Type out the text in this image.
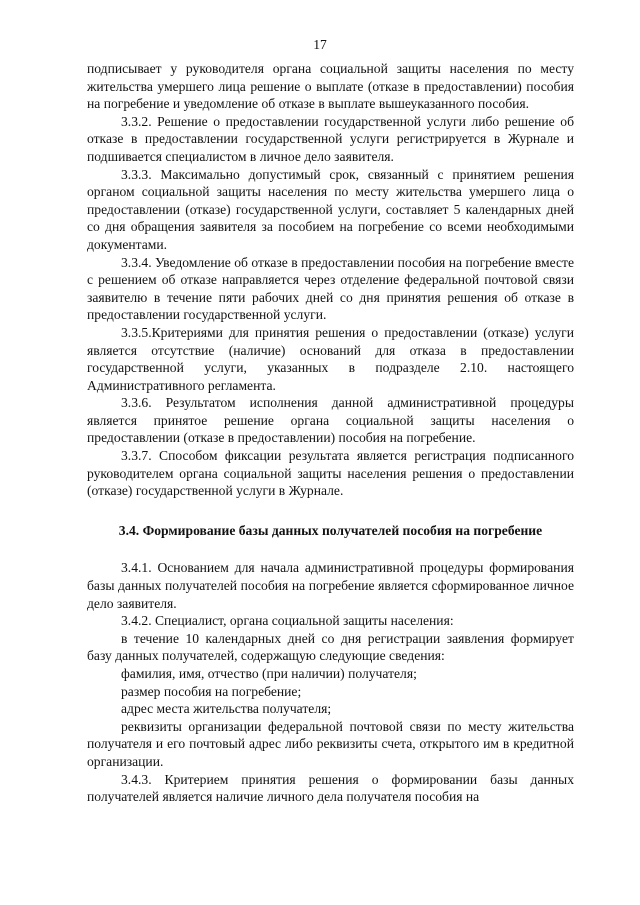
17

подписывает у руководителя органа социальной защиты населения по месту жительства умершего лица решение о выплате (отказе в предоставлении) пособия на погребение и уведомление об отказе в выплате вышеуказанного пособия.

3.3.2. Решение о предоставлении государственной услуги либо решение об отказе в предоставлении государственной услуги регистрируется в Журнале и подшивается специалистом в личное дело заявителя.

3.3.3. Максимально допустимый срок, связанный с принятием решения органом социальной защиты населения по месту жительства умершего лица о предоставлении (отказе) государственной услуги, составляет 5 календарных дней со дня обращения заявителя за пособием на погребение со всеми необходимыми документами.

3.3.4. Уведомление об отказе в предоставлении пособия на погребение вместе с решением об отказе направляется через отделение федеральной почтовой связи заявителю в течение пяти рабочих дней со дня принятия решения об отказе в предоставлении государственной услуги.

3.3.5.Критериями для принятия решения о предоставлении (отказе) услуги является отсутствие (наличие) оснований для отказа в предоставлении государственной услуги, указанных в подразделе 2.10. настоящего Административного регламента.

3.3.6. Результатом исполнения данной административной процедуры является принятое решение органа социальной защиты населения о предоставлении (отказе в предоставлении) пособия на погребение.

3.3.7. Способом фиксации результата является регистрация подписанного руководителем органа социальной защиты населения решения о предоставлении (отказе) государственной услуги в Журнале.

3.4. Формирование базы данных получателей пособия на погребение

3.4.1. Основанием для начала административной процедуры формирования базы данных получателей пособия на погребение является сформированное личное дело заявителя.

3.4.2. Специалист, органа социальной защиты населения:

в течение 10 календарных дней со дня регистрации заявления формирует базу данных получателей, содержащую следующие сведения:

фамилия, имя, отчество (при наличии) получателя;

размер пособия на погребение;

адрес места жительства получателя;

реквизиты организации федеральной почтовой связи по месту жительства получателя и его почтовый адрес либо реквизиты счета, открытого им в кредитной организации.

3.4.3. Критерием принятия решения о формировании базы данных получателей является наличие личного дела получателя пособия на
